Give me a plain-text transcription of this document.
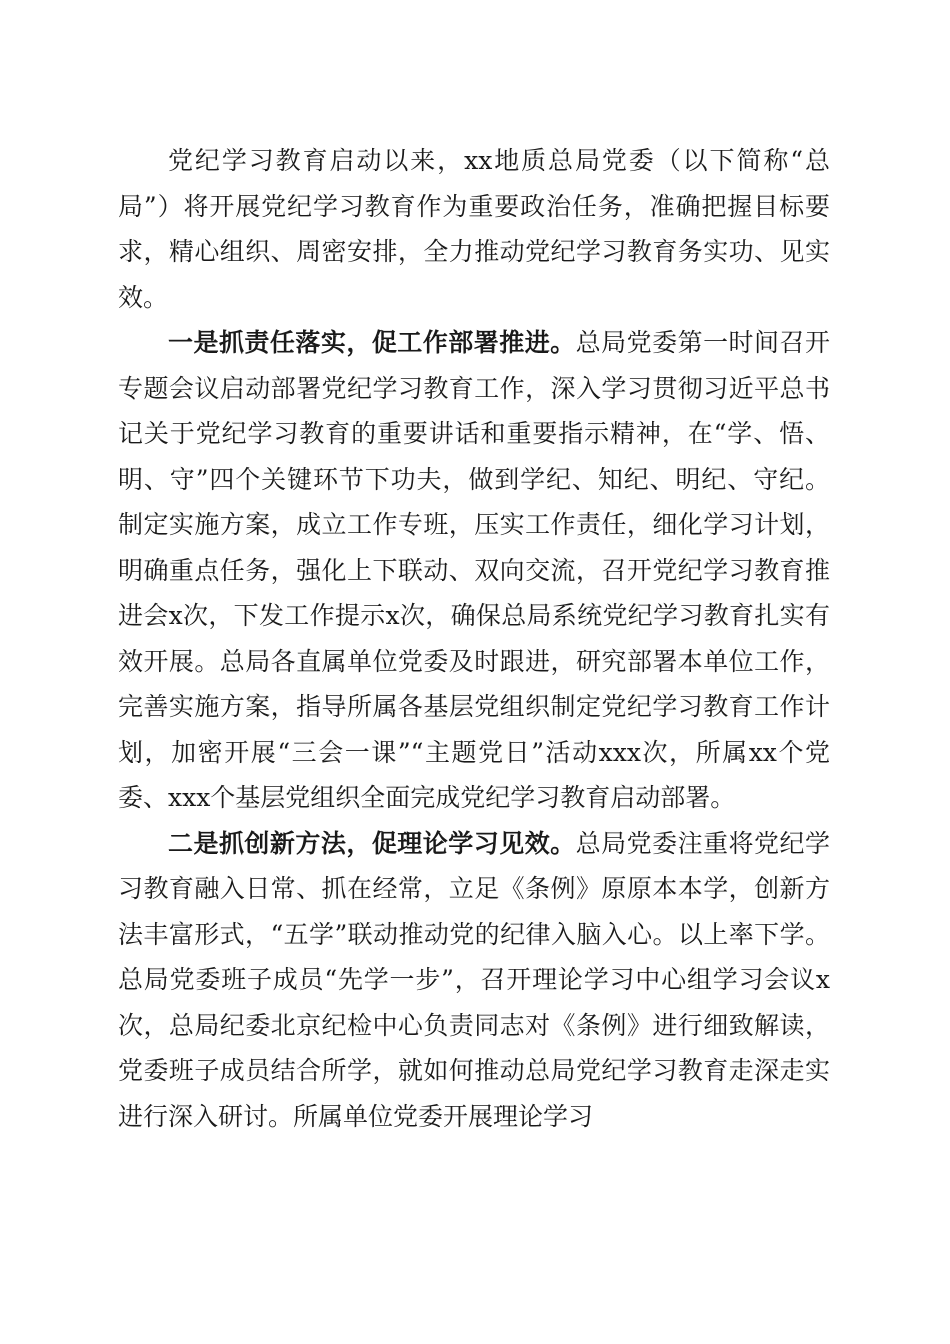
党纪学习教育启动以来，xx地质总局党委（以下简称“总局”）将开展党纪学习教育作为重要政治任务，准确把握目标要求，精心组织、周密安排，全力推动党纪学习教育务实功、见实效。

一是抓责任落实，促工作部署推进。总局党委第一时间召开专题会议启动部署党纪学习教育工作，深入学习贯彻习近平总书记关于党纪学习教育的重要讲话和重要指示精神，在“学、悟、明、守”四个关键环节下功夫，做到学纪、知纪、明纪、守纪。制定实施方案，成立工作专班，压实工作责任，细化学习计划，明确重点任务，强化上下联动、双向交流，召开党纪学习教育推进会x次，下发工作提示x次，确保总局系统党纪学习教育扎实有效开展。总局各直属单位党委及时跟进，研究部署本单位工作，完善实施方案，指导所属各基层党组织制定党纪学习教育工作计划，加密开展“三会一课”“主题党日”活动xxx次，所属xx个党委、xxx个基层党组织全面完成党纪学习教育启动部署。

二是抓创新方法，促理论学习见效。总局党委注重将党纪学习教育融入日常、抓在经常，立足《条例》原原本本学，创新方法丰富形式，“五学”联动推动党的纪律入脑入心。以上率下学。总局党委班子成员“先学一步”，召开理论学习中心组学习会议x次，总局纪委北京纪检中心负责同志对《条例》进行细致解读，党委班子成员结合所学，就如何推动总局党纪学习教育走深走实进行深入研讨。所属单位党委开展理论学习
